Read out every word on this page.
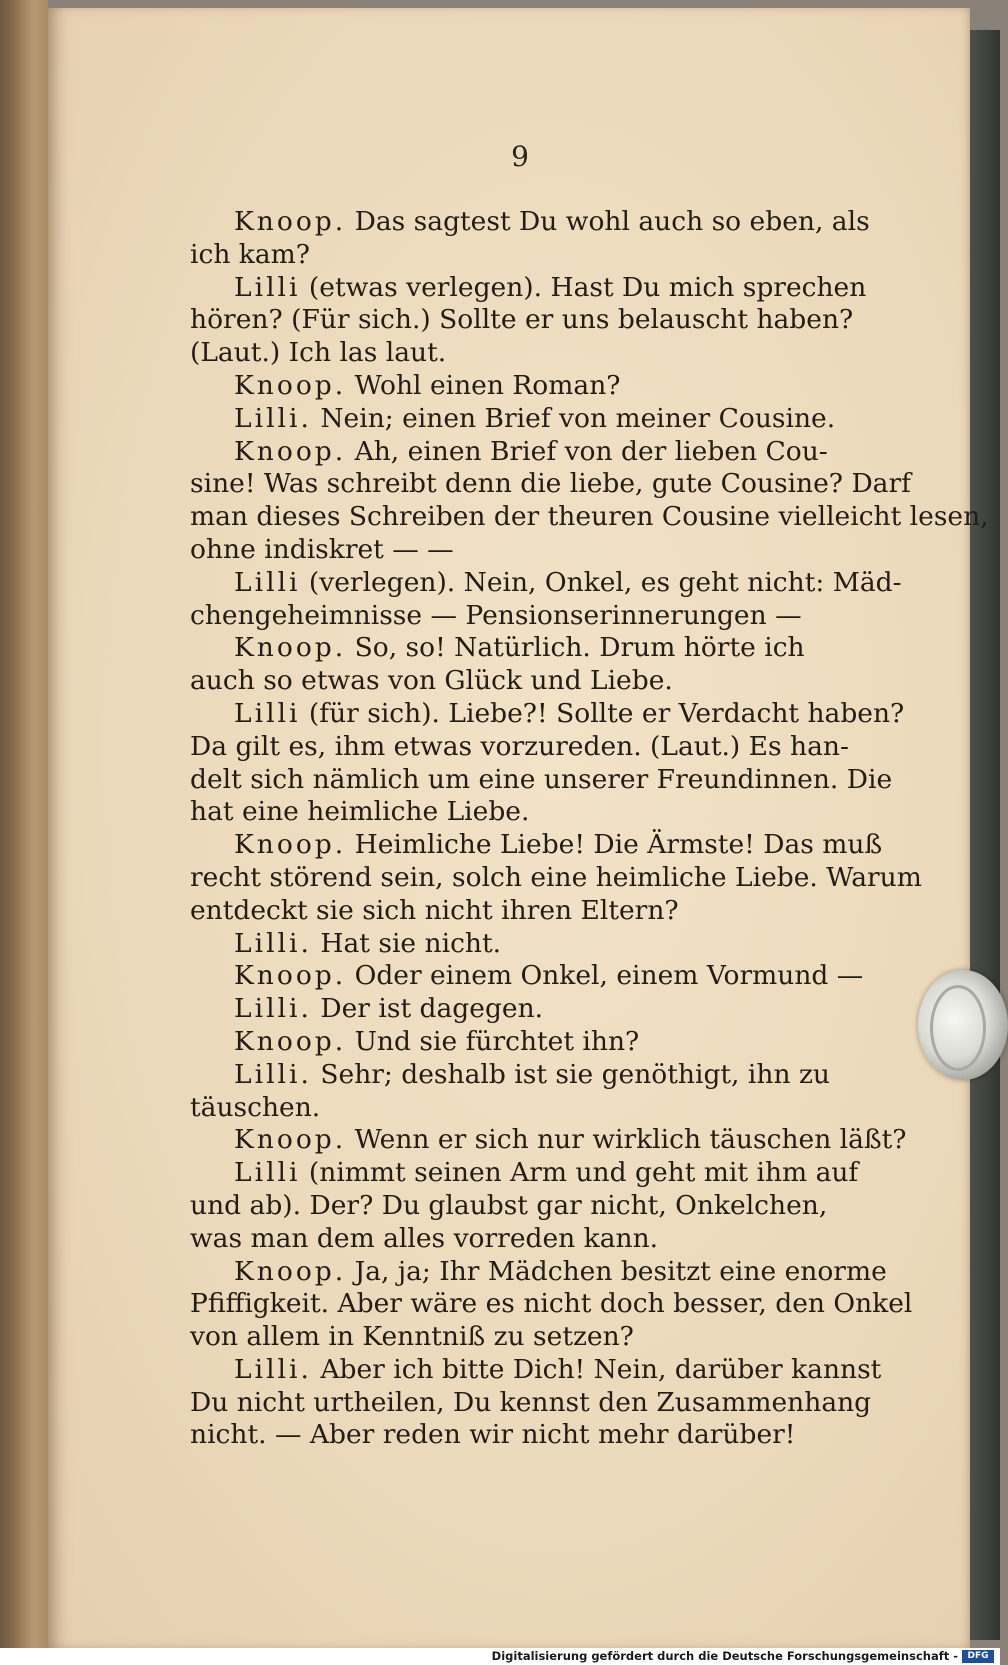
9
Knoop. Das sagtest Du wohl auch so eben, als
ich kam?
Lilli (etwas verlegen). Hast Du mich sprechen
hören? (Für sich.) Sollte er uns belauscht haben?
(Laut.) Ich las laut.
Knoop. Wohl einen Roman?
Lilli. Nein; einen Brief von meiner Cousine.
Knoop. Ah, einen Brief von der lieben Cou-
sine! Was schreibt denn die liebe, gute Cousine? Darf
man dieses Schreiben der theuren Cousine vielleicht lesen,
ohne indiskret — —
Lilli (verlegen). Nein, Onkel, es geht nicht: Mäd-
chengeheimnisse — Pensionserinnerungen —
Knoop. So, so! Natürlich. Drum hörte ich
auch so etwas von Glück und Liebe.
Lilli (für sich). Liebe?! Sollte er Verdacht haben?
Da gilt es, ihm etwas vorzureden. (Laut.) Es han-
delt sich nämlich um eine unserer Freundinnen. Die
hat eine heimliche Liebe.
Knoop. Heimliche Liebe! Die Ärmste! Das muß
recht störend sein, solch eine heimliche Liebe. Warum
entdeckt sie sich nicht ihren Eltern?
Lilli. Hat sie nicht.
Knoop. Oder einem Onkel, einem Vormund —
Lilli. Der ist dagegen.
Knoop. Und sie fürchtet ihn?
Lilli. Sehr; deshalb ist sie genöthigt, ihn zu
täuschen.
Knoop. Wenn er sich nur wirklich täuschen läßt?
Lilli (nimmt seinen Arm und geht mit ihm auf
und ab). Der? Du glaubst gar nicht, Onkelchen,
was man dem alles vorreden kann.
Knoop. Ja, ja; Ihr Mädchen besitzt eine enorme
Pfiffigkeit. Aber wäre es nicht doch besser, den Onkel
von allem in Kenntniß zu setzen?
Lilli. Aber ich bitte Dich! Nein, darüber kannst
Du nicht urtheilen, Du kennst den Zusammenhang
nicht. — Aber reden wir nicht mehr darüber!
Digitalisierung gefördert durch die Deutsche Forschungsgemeinschaft -	DFG
